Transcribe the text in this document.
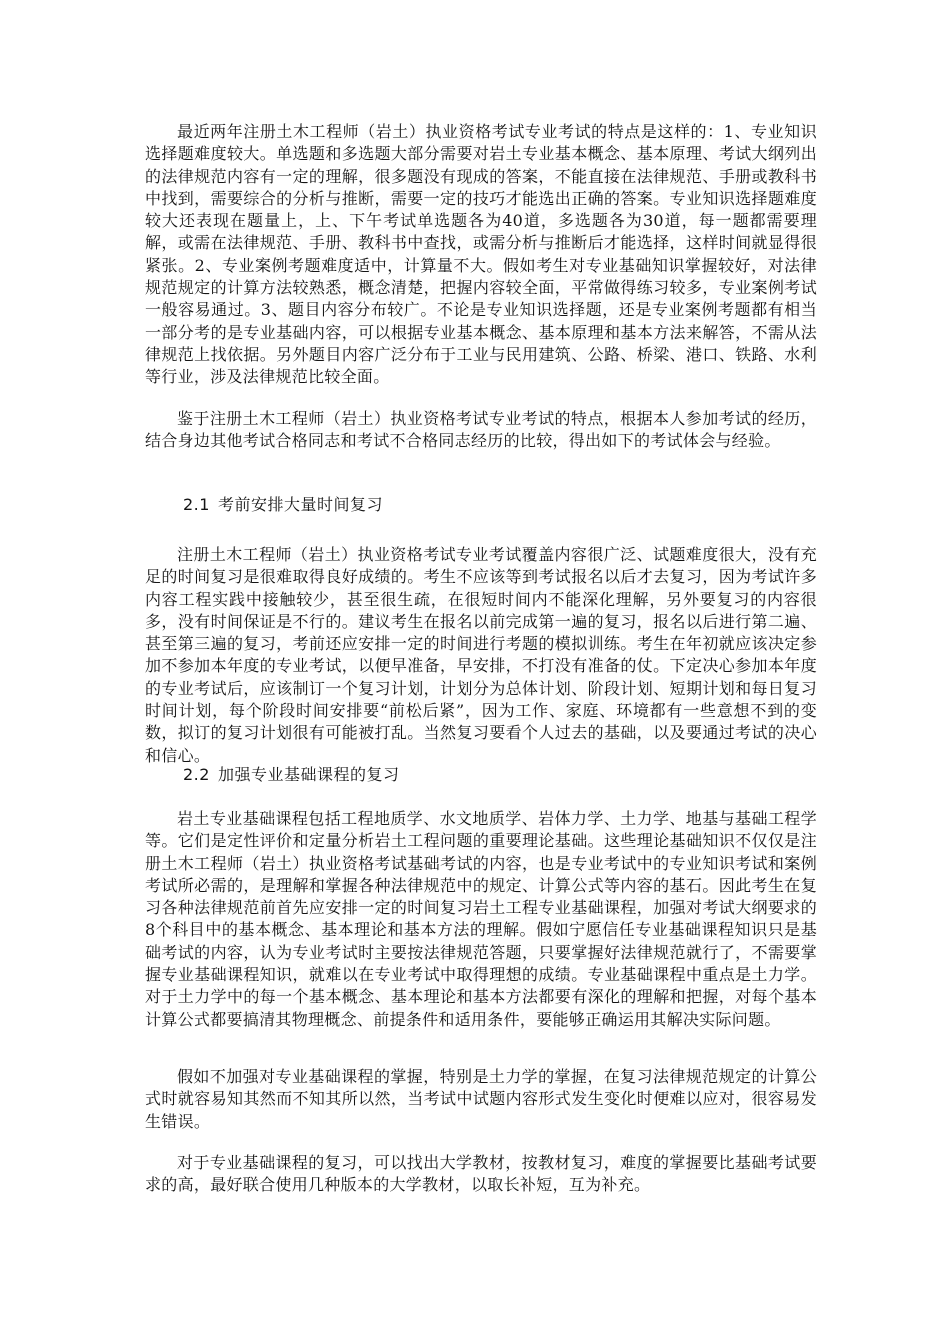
最近两年注册土木工程师（岩土）执业资格考试专业考试的特点是这样的：1、专业知识选择题难度较大。单选题和多选题大部分需要对岩土专业基本概念、基本原理、考试大纲列出的法律规范内容有一定的理解，很多题没有现成的答案，不能直接在法律规范、手册或教科书中找到，需要综合的分析与推断，需要一定的技巧才能选出正确的答案。专业知识选择题难度较大还表现在题量上，上、下午考试单选题各为40道，多选题各为30道，每一题都需要理解，或需在法律规范、手册、教科书中查找，或需分析与推断后才能选择，这样时间就显得很紧张。2、专业案例考题难度适中，计算量不大。假如考生对专业基础知识掌握较好，对法律规范规定的计算方法较熟悉，概念清楚，把握内容较全面，平常做得练习较多，专业案例考试一般容易通过。3、题目内容分布较广。不论是专业知识选择题，还是专业案例考题都有相当一部分考的是专业基础内容，可以根据专业基本概念、基本原理和基本方法来解答，不需从法律规范上找依据。另外题目内容广泛分布于工业与民用建筑、公路、桥梁、港口、铁路、水利等行业，涉及法律规范比较全面。

鉴于注册土木工程师（岩土）执业资格考试专业考试的特点，根据本人参加考试的经历，结合身边其他考试合格同志和考试不合格同志经历的比较，得出如下的考试体会与经验。

2.1 考前安排大量时间复习

注册土木工程师（岩土）执业资格考试专业考试覆盖内容很广泛、试题难度很大，没有充足的时间复习是很难取得良好成绩的。考生不应该等到考试报名以后才去复习，因为考试许多内容工程实践中接触较少，甚至很生疏，在很短时间内不能深化理解，另外要复习的内容很多，没有时间保证是不行的。建议考生在报名以前完成第一遍的复习，报名以后进行第二遍、甚至第三遍的复习，考前还应安排一定的时间进行考题的模拟训练。考生在年初就应该决定参加不参加本年度的专业考试，以便早准备，早安排，不打没有准备的仗。下定决心参加本年度的专业考试后，应该制订一个复习计划，计划分为总体计划、阶段计划、短期计划和每日复习时间计划，每个阶段时间安排要“前松后紧”，因为工作、家庭、环境都有一些意想不到的变数，拟订的复习计划很有可能被打乱。当然复习要看个人过去的基础，以及要通过考试的决心和信心。

2.2 加强专业基础课程的复习

岩土专业基础课程包括工程地质学、水文地质学、岩体力学、土力学、地基与基础工程学等。它们是定性评价和定量分析岩土工程问题的重要理论基础。这些理论基础知识不仅仅是注册土木工程师（岩土）执业资格考试基础考试的内容，也是专业考试中的专业知识考试和案例考试所必需的，是理解和掌握各种法律规范中的规定、计算公式等内容的基石。因此考生在复习各种法律规范前首先应安排一定的时间复习岩土工程专业基础课程，加强对考试大纲要求的8个科目中的基本概念、基本理论和基本方法的理解。假如宁愿信任专业基础课程知识只是基础考试的内容，认为专业考试时主要按法律规范答题，只要掌握好法律规范就行了，不需要掌握专业基础课程知识，就难以在专业考试中取得理想的成绩。专业基础课程中重点是土力学。对于土力学中的每一个基本概念、基本理论和基本方法都要有深化的理解和把握，对每个基本计算公式都要搞清其物理概念、前提条件和适用条件，要能够正确运用其解决实际问题。

假如不加强对专业基础课程的掌握，特别是土力学的掌握，在复习法律规范规定的计算公式时就容易知其然而不知其所以然，当考试中试题内容形式发生变化时便难以应对，很容易发生错误。

对于专业基础课程的复习，可以找出大学教材，按教材复习，难度的掌握要比基础考试要求的高，最好联合使用几种版本的大学教材，以取长补短，互为补充。
